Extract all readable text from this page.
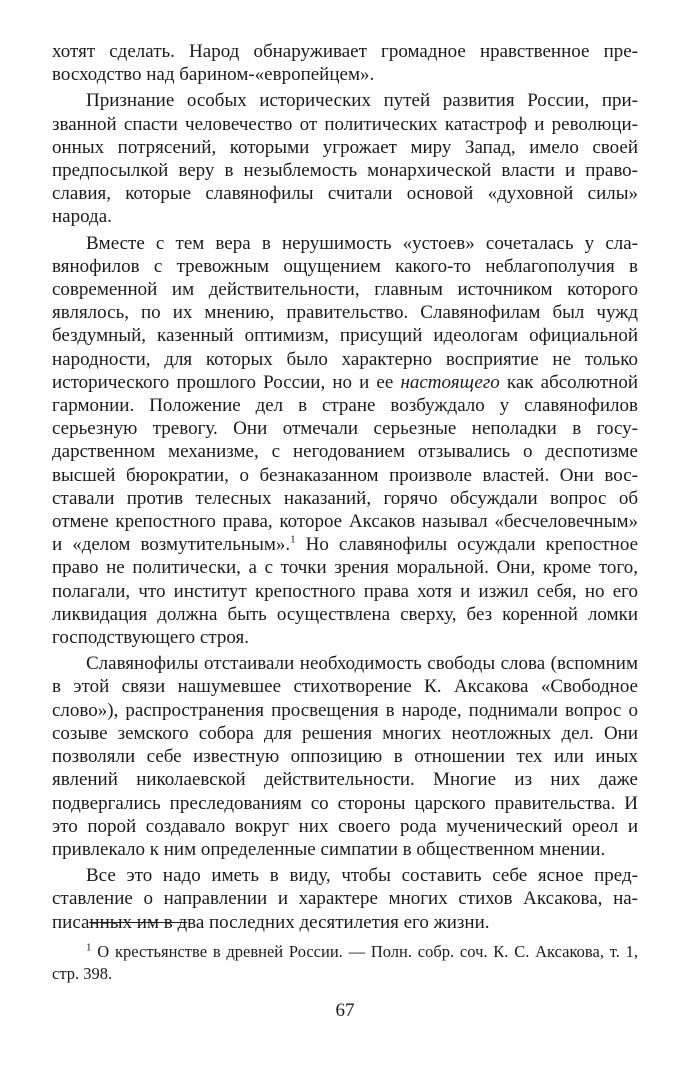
хотят сделать. Народ обнаруживает громадное нравственное превосходство над барином-«европейцем».

Признание особых исторических путей развития России, призванной спасти человечество от политических катастроф и революционных потрясений, которыми угрожает миру Запад, имело своей предпосылкой веру в незыблемость монархической власти и православия, которые славянофилы считали основой «духовной силы» народа.

Вместе с тем вера в нерушимость «устоев» сочеталась у славянофилов с тревожным ощущением какого-то неблагополучия в современной им действительности, главным источником которого являлось, по их мнению, правительство. Славянофилам был чужд бездумный, казенный оптимизм, присущий идеологам официальной народности, для которых было характерно восприятие не только исторического прошлого России, но и ее настоящего как абсолютной гармонии. Положение дел в стране возбуждало у славянофилов серьезную тревогу. Они отмечали серьезные неполадки в государственном механизме, с негодованием отзывались о деспотизме высшей бюрократии, о безнаказанном произволе властей. Они восставали против телесных наказаний, горячо обсуждали вопрос об отмене крепостного права, которое Аксаков называл «бесчеловечным» и «делом возмутительным».$^1$ Но славянофилы осуждали крепостное право не политически, а с точки зрения моральной. Они, кроме того, полагали, что институт крепостного права хотя и изжил себя, но его ликвидация должна быть осуществлена сверху, без коренной ломки господствующего строя.

Славянофилы отстаивали необходимость свободы слова (вспомним в этой связи нашумевшее стихотворение К. Аксакова «Свободное слово»), распространения просвещения в народе, поднимали вопрос о созыве земского собора для решения многих неотложных дел. Они позволяли себе известную оппозицию в отношении тех или иных явлений николаевской действительности. Многие из них даже подвергались преследованиям со стороны царского правительства. И это порой создавало вокруг них своего рода мученический ореол и привлекало к ним определенные симпатии в общественном мнении.

Все это надо иметь в виду, чтобы составить себе ясное представление о направлении и характере многих стихов Аксакова, написанных им в два последних десятилетия его жизни.

$^1$ О крестьянстве в древней России. — Полн. собр. соч. К. С. Аксакова, т. 1, стр. 398.

67
